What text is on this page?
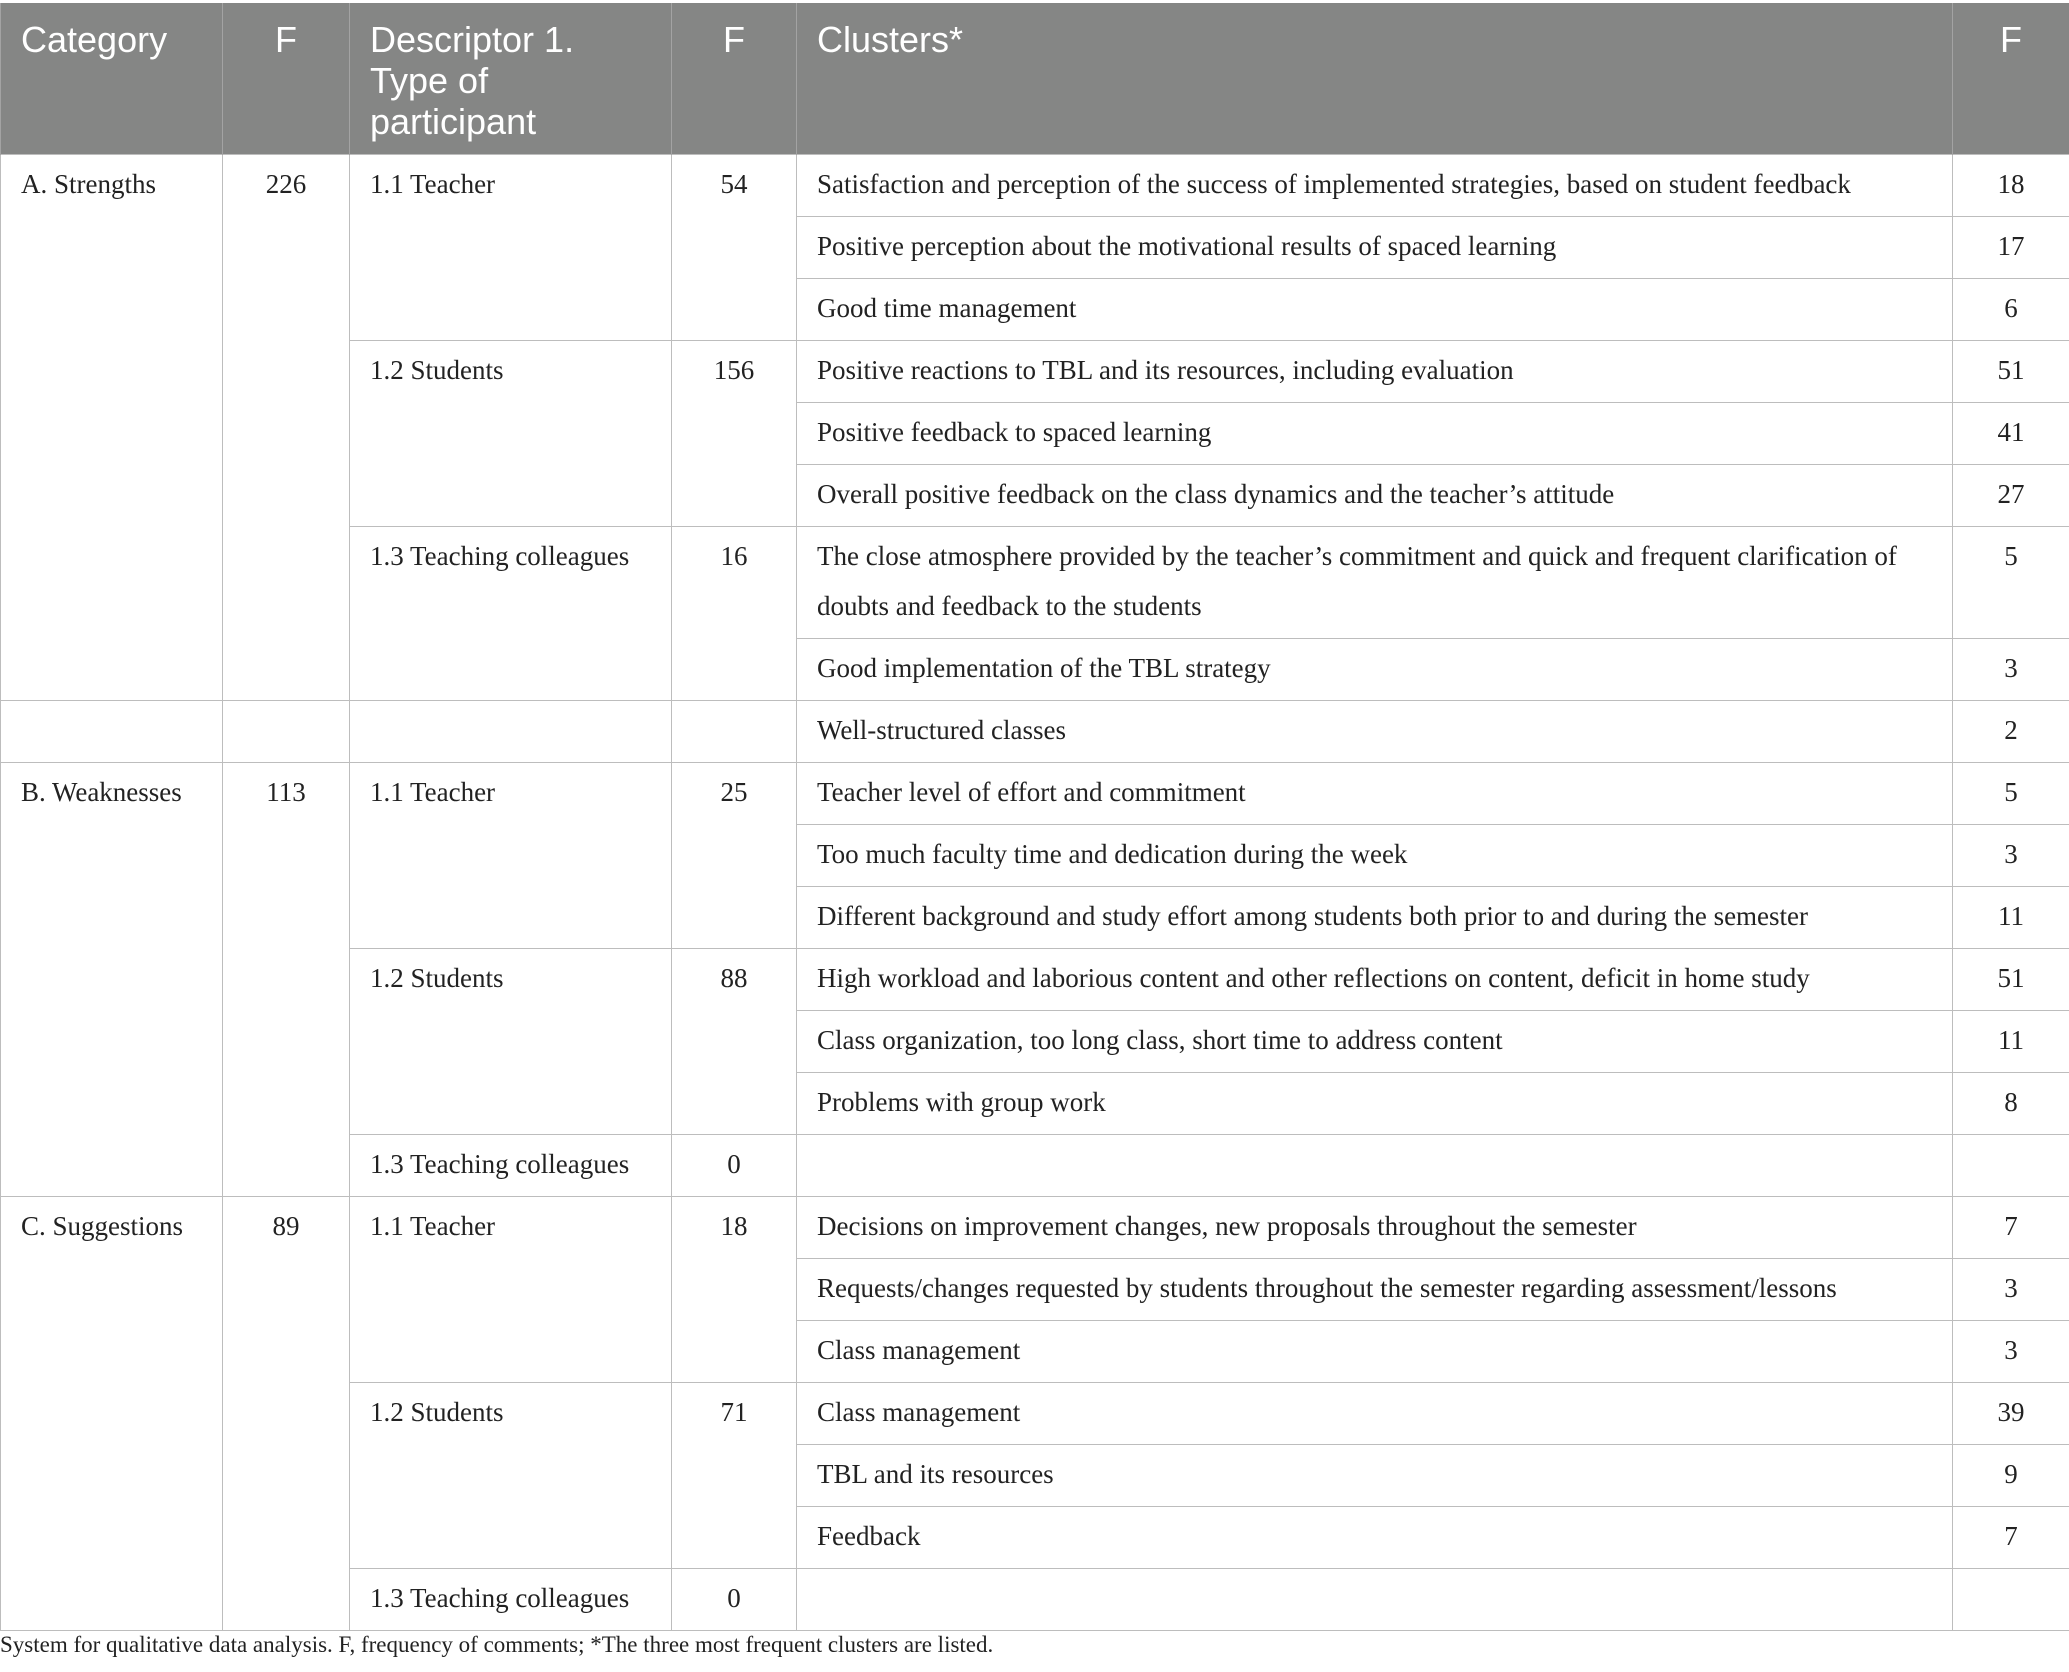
Category	F	Descriptor 1. Type of participant	F	Clusters*	F
A. Strengths	226	1.1 Teacher	54	Satisfaction and perception of the success of implemented strategies, based on student feedback	18
				Positive perception about the motivational results of spaced learning	17
				Good time management	6
		1.2 Students	156	Positive reactions to TBL and its resources, including evaluation	51
				Positive feedback to spaced learning	41
				Overall positive feedback on the class dynamics and the teacher’s attitude	27
		1.3 Teaching colleagues	16	The close atmosphere provided by the teacher’s commitment and quick and frequent clarification of doubts and feedback to the students	5
				Good implementation of the TBL strategy	3
				Well-structured classes	2
B. Weaknesses	113	1.1 Teacher	25	Teacher level of effort and commitment	5
				Too much faculty time and dedication during the week	3
				Different background and study effort among students both prior to and during the semester	11
		1.2 Students	88	High workload and laborious content and other reflections on content, deficit in home study	51
				Class organization, too long class, short time to address content	11
				Problems with group work	8
		1.3 Teaching colleagues	0		
C. Suggestions	89	1.1 Teacher	18	Decisions on improvement changes, new proposals throughout the semester	7
				Requests/changes requested by students throughout the semester regarding assessment/lessons	3
				Class management	3
		1.2 Students	71	Class management	39
				TBL and its resources	9
				Feedback	7
		1.3 Teaching colleagues	0		
System for qualitative data analysis. F, frequency of comments; *The three most frequent clusters are listed.
